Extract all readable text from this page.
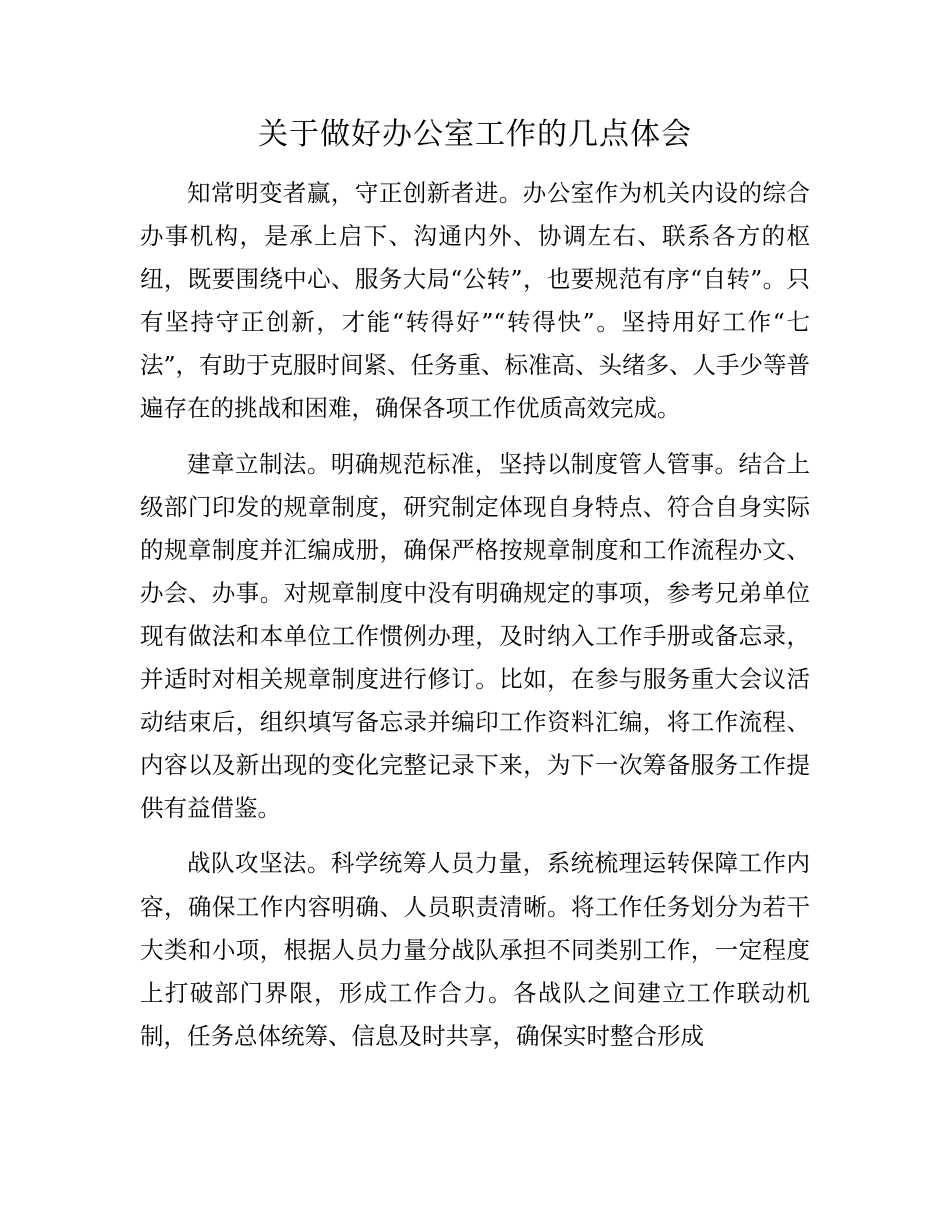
关于做好办公室工作的几点体会

知常明变者赢，守正创新者进。办公室作为机关内设的综合办事机构，是承上启下、沟通内外、协调左右、联系各方的枢纽，既要围绕中心、服务大局“公转”，也要规范有序“自转”。只有坚持守正创新，才能“转得好”“转得快”。坚持用好工作“七法”，有助于克服时间紧、任务重、标准高、头绪多、人手少等普遍存在的挑战和困难，确保各项工作优质高效完成。

建章立制法。明确规范标准，坚持以制度管人管事。结合上级部门印发的规章制度，研究制定体现自身特点、符合自身实际的规章制度并汇编成册，确保严格按规章制度和工作流程办文、办会、办事。对规章制度中没有明确规定的事项，参考兄弟单位现有做法和本单位工作惯例办理，及时纳入工作手册或备忘录，并适时对相关规章制度进行修订。比如，在参与服务重大会议活动结束后，组织填写备忘录并编印工作资料汇编，将工作流程、内容以及新出现的变化完整记录下来，为下一次筹备服务工作提供有益借鉴。

战队攻坚法。科学统筹人员力量，系统梳理运转保障工作内容，确保工作内容明确、人员职责清晰。将工作任务划分为若干大类和小项，根据人员力量分战队承担不同类别工作，一定程度上打破部门界限，形成工作合力。各战队之间建立工作联动机制，任务总体统筹、信息及时共享，确保实时整合形成
